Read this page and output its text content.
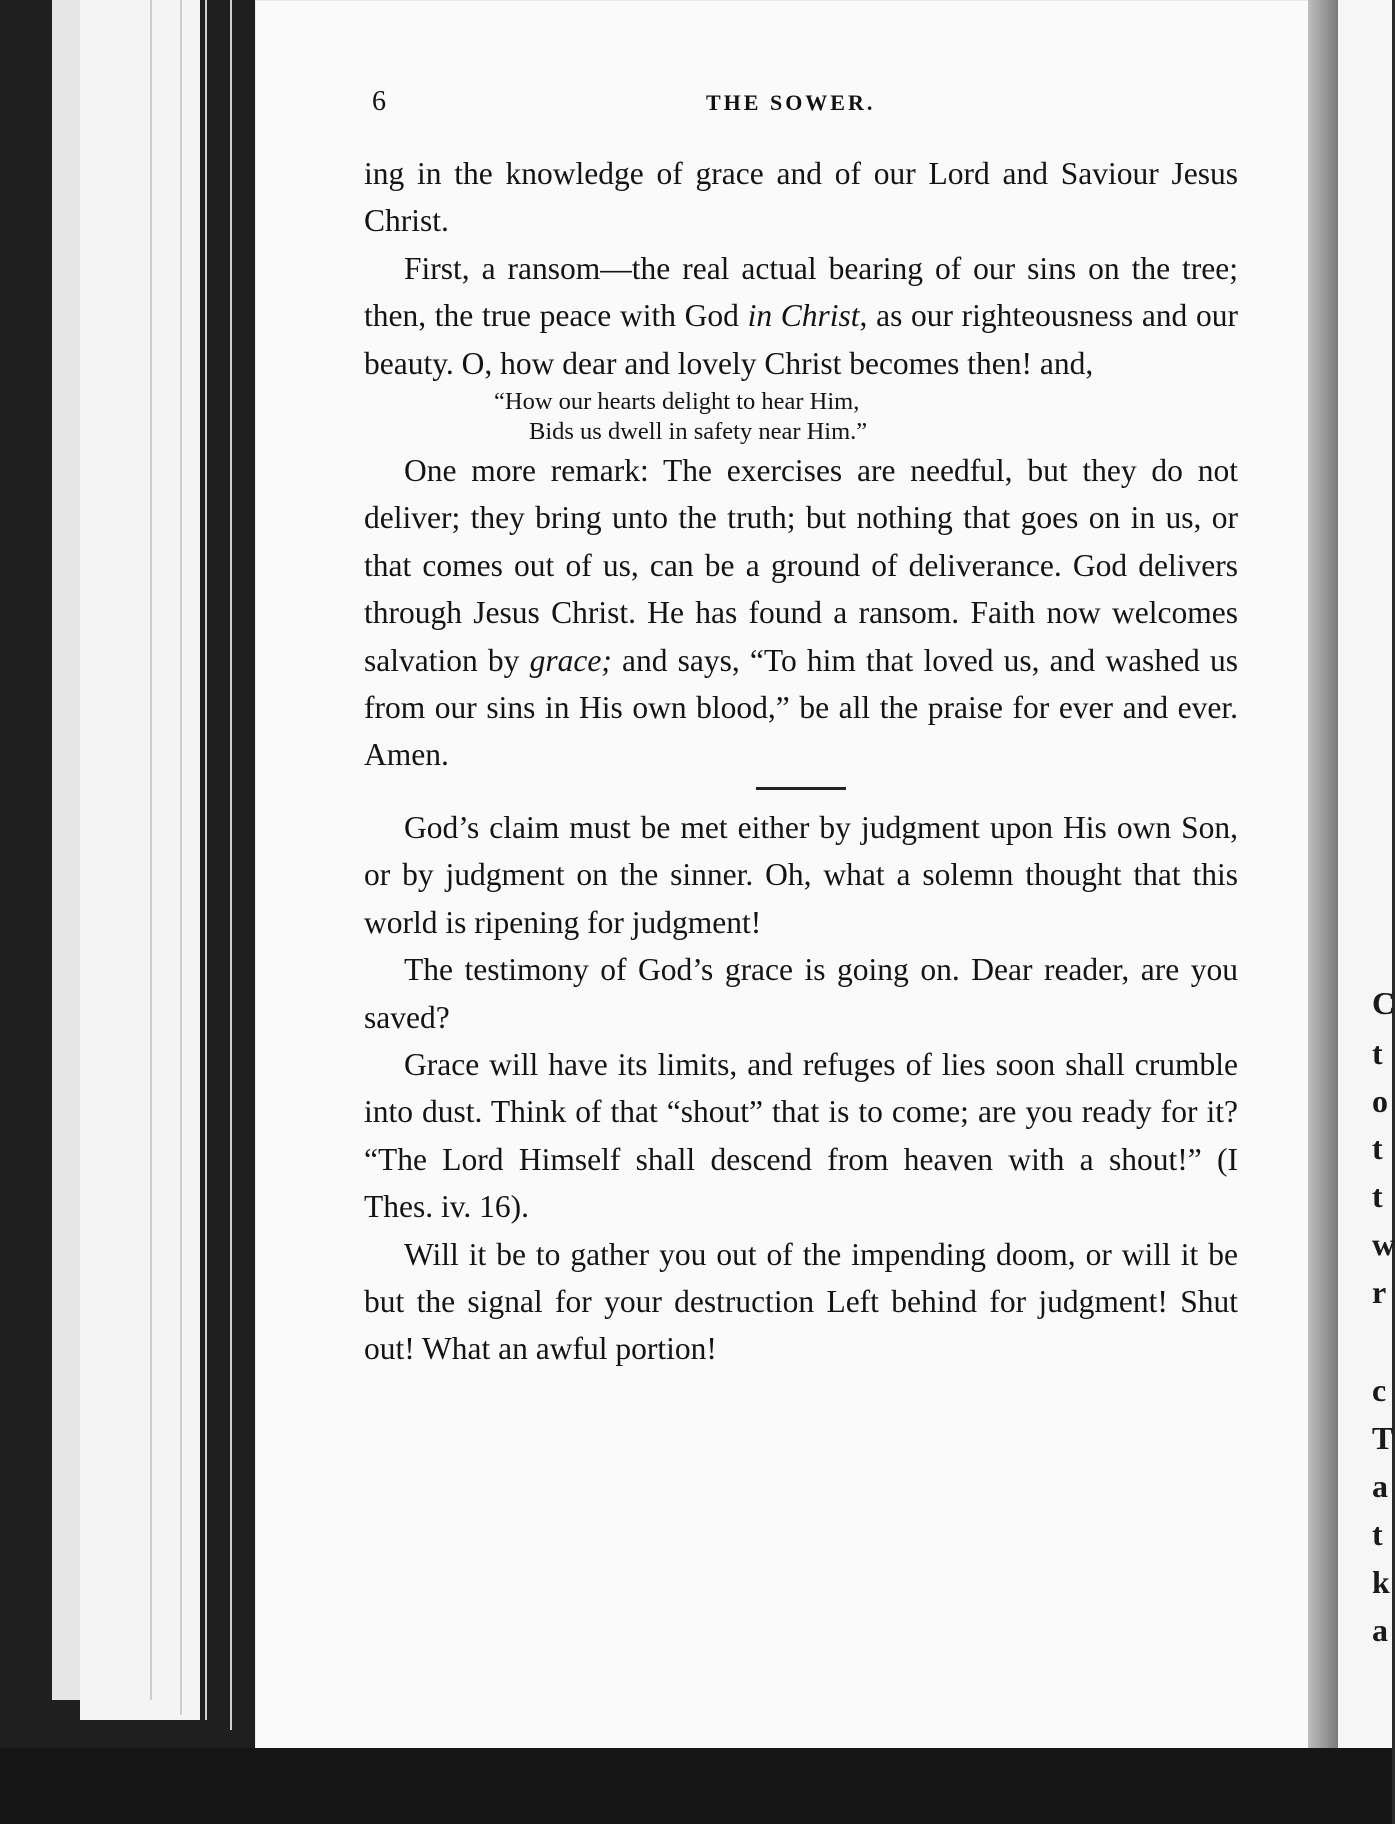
C
t
o
t
t
w
r
c
T
a
t
k
a
6	THE SOWER.

ing in the knowledge of grace and of our Lord and Saviour Jesus Christ.

First, a ransom—the real actual bearing of our sins on the tree; then, the true peace with God in Christ, as our righteousness and our beauty. O, how dear and lovely Christ becomes then! and,

“How our hearts delight to hear Him,
Bids us dwell in safety near Him.”

One more remark: The exercises are needful, but they do not deliver; they bring unto the truth; but nothing that goes on in us, or that comes out of us, can be a ground of deliverance. God delivers through Jesus Christ. He has found a ransom. Faith now welcomes salvation by grace; and says, “To him that loved us, and washed us from our sins in His own blood,” be all the praise for ever and ever. Amen.

God’s claim must be met either by judgment upon His own Son, or by judgment on the sinner. Oh, what a solemn thought that this world is ripening for judgment!

The testimony of God’s grace is going on. Dear reader, are you saved?

Grace will have its limits, and refuges of lies soon shall crumble into dust. Think of that “shout” that is to come; are you ready for it? “The Lord Himself shall descend from heaven with a shout!” (I Thes. iv. 16).

Will it be to gather you out of the impending doom, or will it be but the signal for your destruction Left behind for judgment! Shut out! What an awful portion!
